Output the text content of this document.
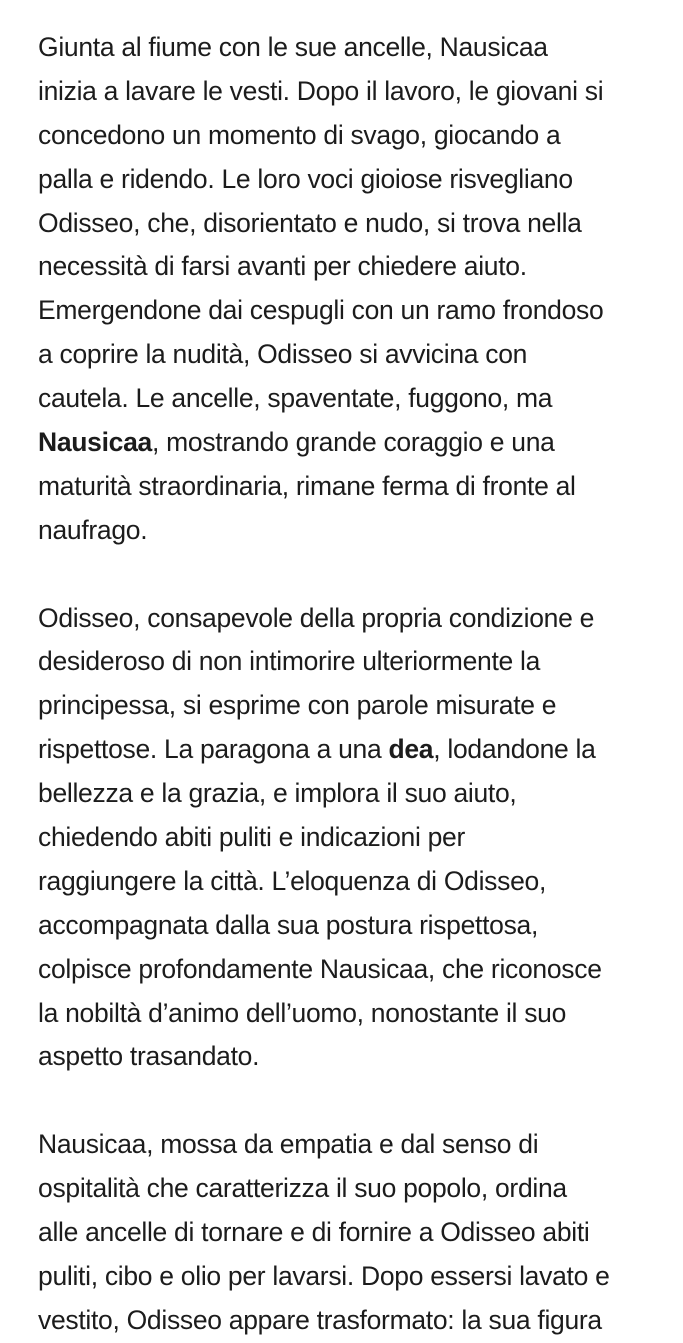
Giunta al fiume con le sue ancelle, Nausicaa
inizia a lavare le vesti. Dopo il lavoro, le giovani si
concedono un momento di svago, giocando a
palla e ridendo. Le loro voci gioiose risvegliano
Odisseo, che, disorientato e nudo, si trova nella
necessità di farsi avanti per chiedere aiuto.
Emergendone dai cespugli con un ramo frondoso
a coprire la nudità, Odisseo si avvicina con
cautela. Le ancelle, spaventate, fuggono, ma
Nausicaa, mostrando grande coraggio e una
maturità straordinaria, rimane ferma di fronte al
naufrago.
Odisseo, consapevole della propria condizione e
desideroso di non intimorire ulteriormente la
principessa, si esprime con parole misurate e
rispettose. La paragona a una dea, lodandone la
bellezza e la grazia, e implora il suo aiuto,
chiedendo abiti puliti e indicazioni per
raggiungere la città. L’eloquenza di Odisseo,
accompagnata dalla sua postura rispettosa,
colpisce profondamente Nausicaa, che riconosce
la nobiltà d’animo dell’uomo, nonostante il suo
aspetto trasandato.
Nausicaa, mossa da empatia e dal senso di
ospitalità che caratterizza il suo popolo, ordina
alle ancelle di tornare e di fornire a Odisseo abiti
puliti, cibo e olio per lavarsi. Dopo essersi lavato e
vestito, Odisseo appare trasformato: la sua figura
